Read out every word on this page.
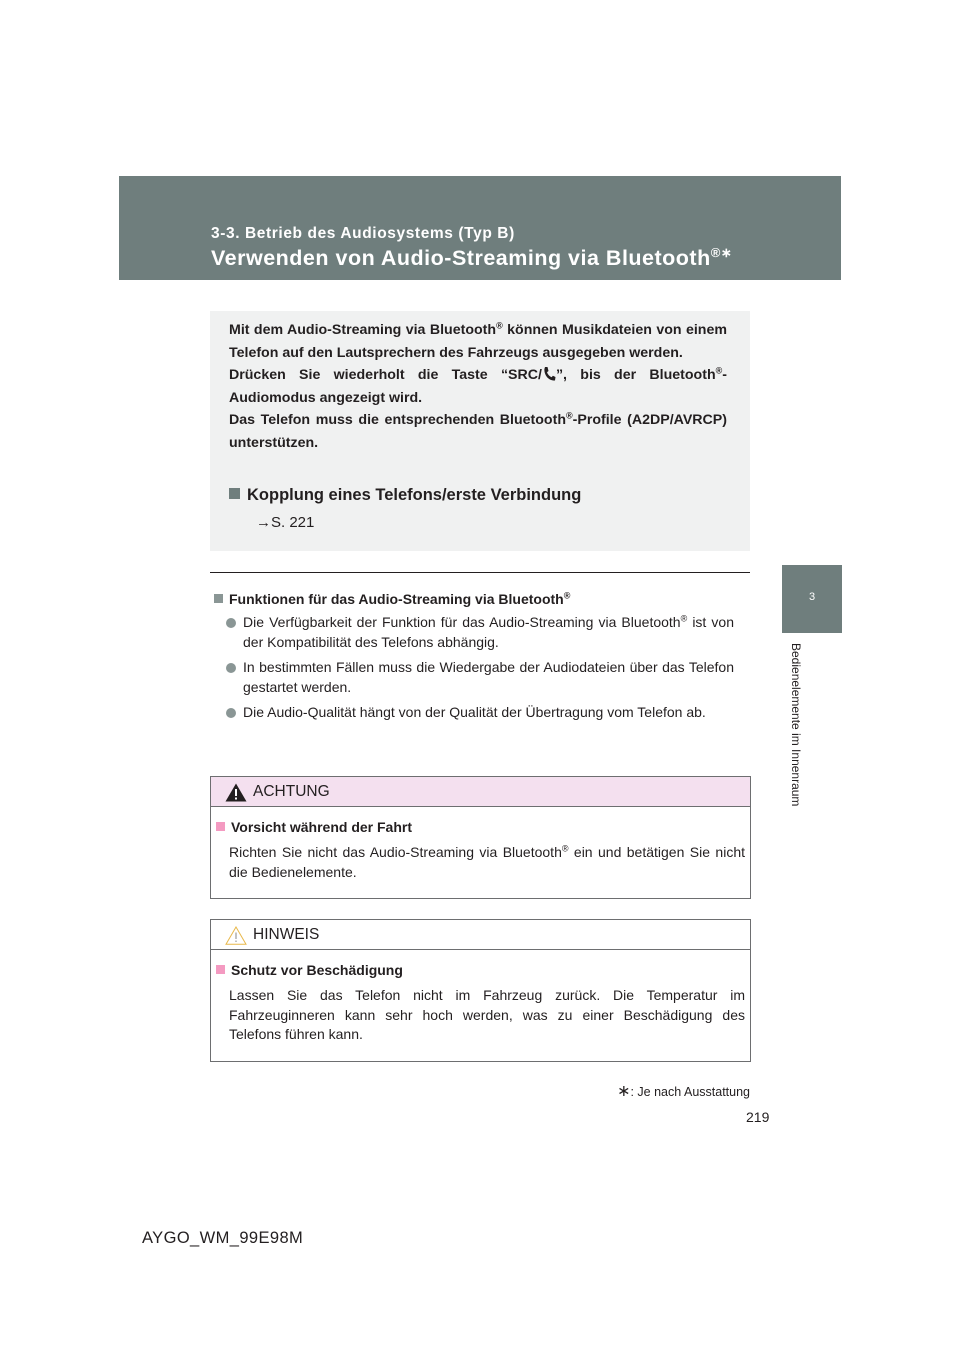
3-3. Betrieb des Audiosystems (Typ B)
Verwenden von Audio-Streaming via Bluetooth®∗
3
Bedienelemente im Innenraum

Mit dem Audio-Streaming via Bluetooth® können Musikdateien von einem Telefon auf den Lautsprechern des Fahrzeugs ausgegeben werden.
Drücken Sie wiederholt die Taste “SRC/ ”, bis der Bluetooth®-Audiomodus angezeigt wird.
Das Telefon muss die entsprechenden Bluetooth®-Profile (A2DP/AVRCP) unterstützen.

Kopplung eines Telefons/erste Verbindung
→S. 221
Funktionen für das Audio-Streaming via Bluetooth®
Die Verfügbarkeit der Funktion für das Audio-Streaming via Bluetooth® ist von der Kompatibilität des Telefons abhängig.
In bestimmten Fällen muss die Wiedergabe der Audiodateien über das Telefon gestartet werden.
Die Audio-Qualität hängt von der Qualität der Übertragung vom Telefon ab.
ACHTUNG
Vorsicht während der Fahrt

Richten Sie nicht das Audio-Streaming via Bluetooth® ein und betätigen Sie nicht die Bedienelemente.

HINWEIS
Schutz vor Beschädigung

Lassen Sie das Telefon nicht im Fahrzeug zurück. Die Temperatur im Fahrzeuginneren kann sehr hoch werden, was zu einer Beschädigung des Telefons führen kann.

∗: Je nach Ausstattung
219
AYGO_WM_99E98M
